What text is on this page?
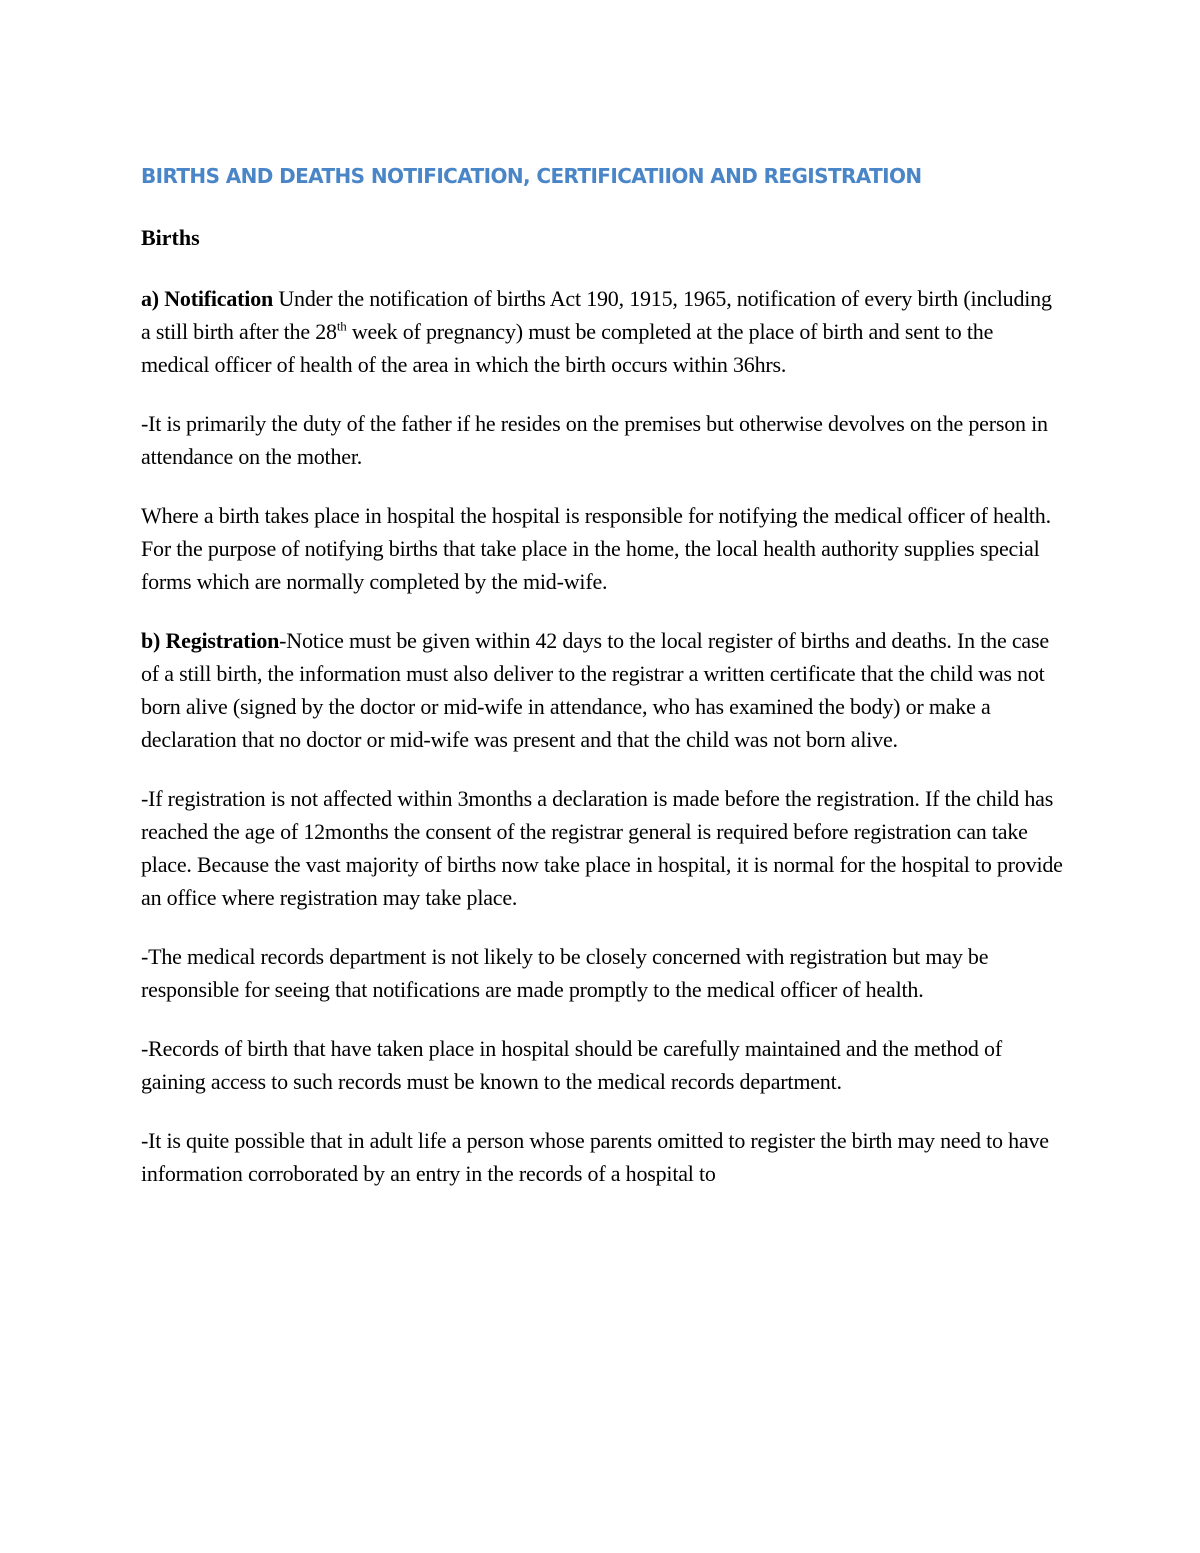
BIRTHS AND DEATHS NOTIFICATION, CERTIFICATIION AND REGISTRATION
Births

a) Notification Under the notification of births Act 190, 1915, 1965, notification of every birth (including a still birth after the 28th week of pregnancy) must be completed at the place of birth and sent to the medical officer of health of the area in which the birth occurs within 36hrs.

-It is primarily the duty of the father if he resides on the premises but otherwise devolves on the person in attendance on the mother.

Where a birth takes place in hospital the hospital is responsible for notifying the medical officer of health. For the purpose of notifying births that take place in the home, the local health authority supplies special forms which are normally completed by the mid-wife.

b) Registration-Notice must be given within 42 days to the local register of births and deaths. In the case of a still birth, the information must also deliver to the registrar a written certificate that the child was not born alive (signed by the doctor or mid-wife in attendance, who has examined the body) or make a declaration that no doctor or mid-wife was present and that the child was not born alive.

-If registration is not affected within 3months a declaration is made before the registration. If the child has reached the age of 12months the consent of the registrar general is required before registration can take place. Because the vast majority of births now take place in hospital, it is normal for the hospital to provide an office where registration may take place.

-The medical records department is not likely to be closely concerned with registration but may be responsible for seeing that notifications are made promptly to the medical officer of health.

-Records of birth that have taken place in hospital should be carefully maintained and the method of gaining access to such records must be known to the medical records department.

-It is quite possible that in adult life a person whose parents omitted to register the birth may need to have information corroborated by an entry in the records of a hospital to
